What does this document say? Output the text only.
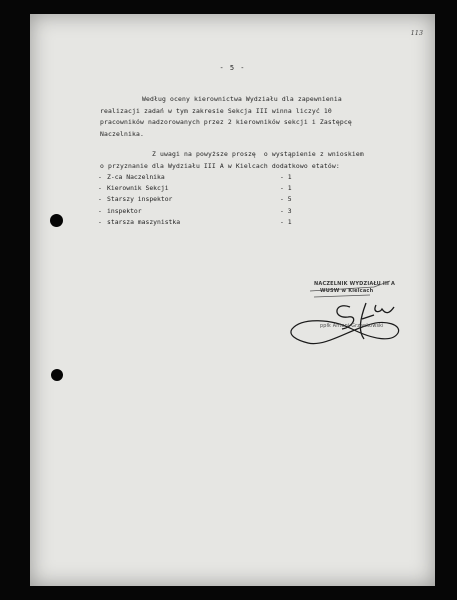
113
- 5 -

Według oceny kierownictwa Wydziału dla zapewnienia

realizacji zadań w tym zakresie Sekcja III winna liczyć 10

pracowników nadzorowanych przez 2 kierowników sekcji i Zastępcę

Naczelnika.

Z uwagi na powyższe proszę  o wystąpienie z wnioskiem

o przyznanie dla Wydziału III A w Kielcach dodatkowo etatów:

- Z-ca Naczelnika	- 1
- Kierownik Sekcji	- 1
- Starszy inspektor	- 5
- inspektor	- 3
- starsza maszynistka	- 1
NACZELNIK WYDZIAŁU III A
WUSW w Kielcach
ppłk Antoni Grzankowski
